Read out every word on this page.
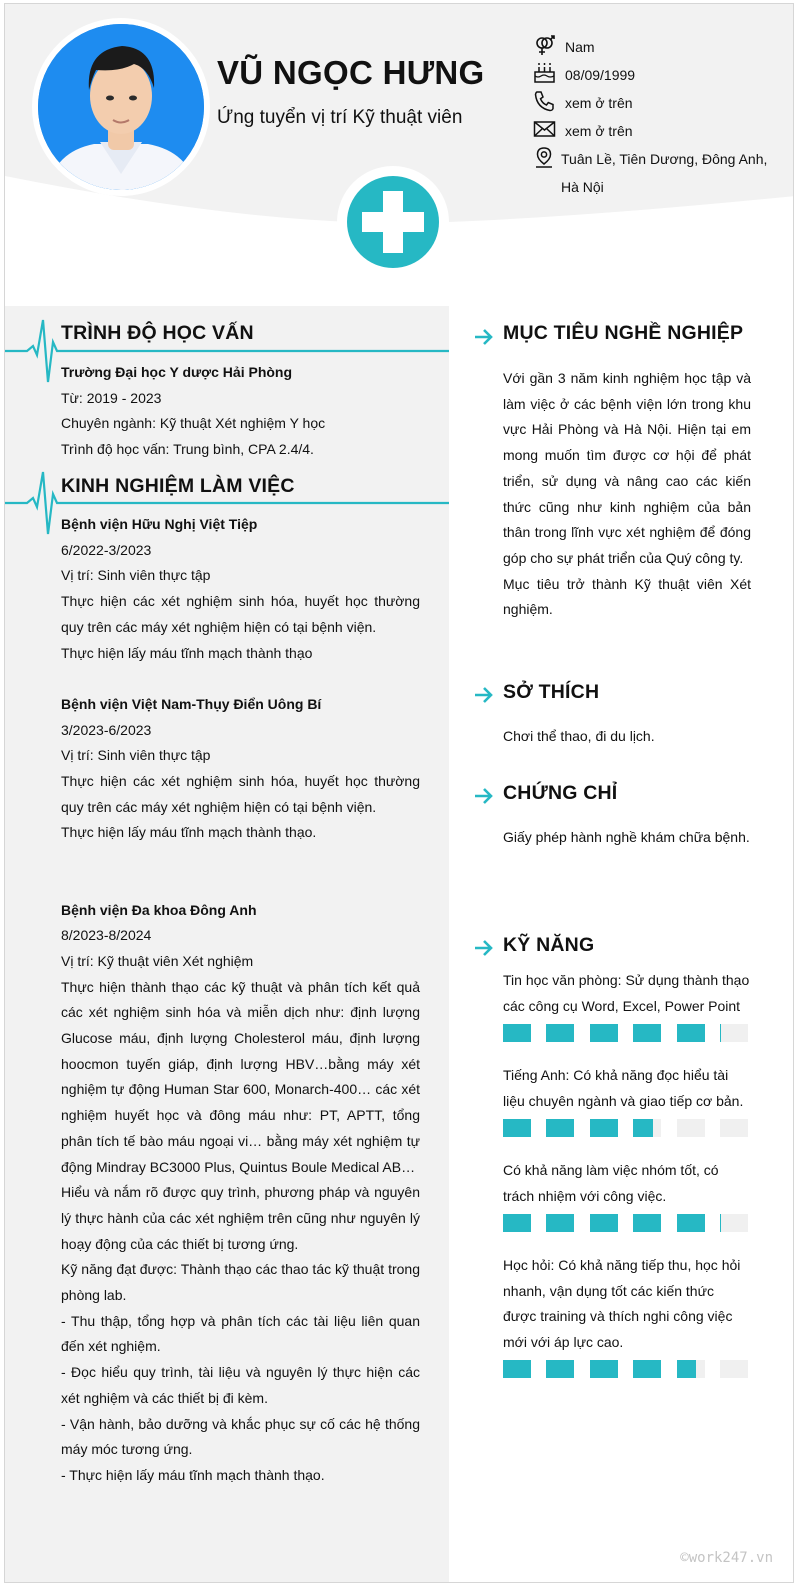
VŨ NGỌC HƯNG

Ứng tuyển vị trí Kỹ thuật viên

Nam
08/09/1999
xem ở trên
xem ở trên
Tuân Lề, Tiên Dương, Đông Anh, Hà Nội
TRÌNH ĐỘ HỌC VẤN

Trường Đại học Y dược Hải Phòng

Từ: 2019 - 2023

Chuyên ngành: Kỹ thuật Xét nghiệm Y học

Trình độ học vấn: Trung bình, CPA 2.4/4.

KINH NGHIỆM LÀM VIỆC

Bệnh viện Hữu Nghị Việt Tiệp

6/2022-3/2023

Vị trí: Sinh viên thực tập

Thực hiện các xét nghiệm sinh hóa, huyết học thường quy trên các máy xét nghiệm hiện có tại bệnh viện.

Thực hiện lấy máu tĩnh mạch thành thạo

Bệnh viện Việt Nam-Thụy Điển Uông Bí

3/2023-6/2023

Vị trí: Sinh viên thực tập

Thực hiện các xét nghiệm sinh hóa, huyết học thường quy trên các máy xét nghiệm hiện có tại bệnh viện.

Thực hiện lấy máu tĩnh mạch thành thạo.

Bệnh viện Đa khoa Đông Anh

8/2023-8/2024

Vị trí: Kỹ thuật viên Xét nghiệm

Thực hiện thành thạo các kỹ thuật và phân tích kết quả các xét nghiệm sinh hóa và miễn dịch như: định lượng Glucose máu, định lượng Cholesterol máu, định lượng hoocmon tuyến giáp, định lượng HBV…bằng máy xét nghiệm tự động Human Star 600, Monarch-400… các xét nghiệm huyết học và đông máu như: PT, APTT, tổng phân tích tế bào máu ngoại vi… bằng máy xét nghiệm tự động Mindray BC3000 Plus, Quintus Boule Medical AB…

Hiểu và nắm rõ được quy trình, phương pháp và nguyên lý thực hành của các xét nghiệm trên cũng như nguyên lý hoạy động của các thiết bị tương ứng.

Kỹ năng đạt được: Thành thạo các thao tác kỹ thuật trong phòng lab.

- Thu thập, tổng hợp và phân tích các tài liệu liên quan đến xét nghiệm.

- Đọc hiểu quy trình, tài liệu và nguyên lý thực hiện các xét nghiệm và các thiết bị đi kèm.

- Vận hành, bảo dưỡng và khắc phục sự cố các hệ thống máy móc tương ứng.

- Thực hiện lấy máu tĩnh mạch thành thạo.

MỤC TIÊU NGHỀ NGHIỆP

Với gần 3 năm kinh nghiệm học tập và làm việc ở các bệnh viện lớn trong khu vực Hải Phòng và Hà Nội. Hiện tại em mong muốn tìm được cơ hội để phát triển, sử dụng và nâng cao các kiến thức cũng như kinh nghiệm của bản thân trong lĩnh vực xét nghiệm để đóng góp cho sự phát triển của Quý công ty.

Mục tiêu trở thành Kỹ thuật viên Xét nghiệm.

SỞ THÍCH

Chơi thể thao, đi du lịch.

CHỨNG CHỈ

Giấy phép hành nghề khám chữa bệnh.

KỸ NĂNG

Tin học văn phòng: Sử dụng thành thạo các công cụ Word, Excel, Power Point

Tiếng Anh: Có khả năng đọc hiểu tài liệu chuyên ngành và giao tiếp cơ bản.

Có khả năng làm việc nhóm tốt, có trách nhiệm với công việc.

Học hỏi: Có khả năng tiếp thu, học hỏi nhanh, vận dụng tốt các kiến thức được training và thích nghi công việc mới với áp lực cao.

©work247.vn
